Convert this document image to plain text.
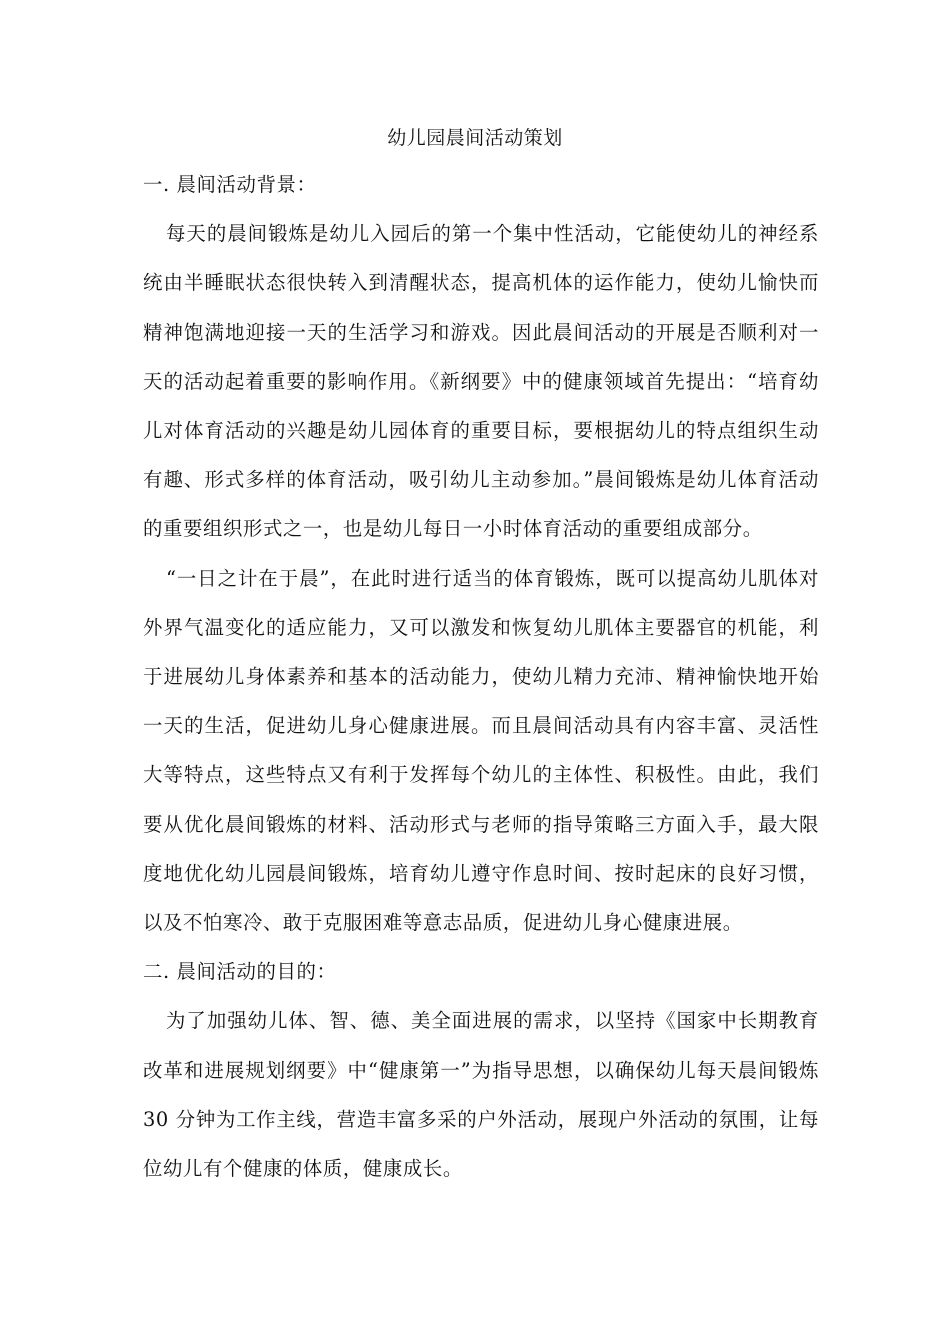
幼儿园晨间活动策划

一. 晨间活动背景：

每天的晨间锻炼是幼儿入园后的第一个集中性活动，它能使幼儿的神经系统由半睡眠状态很快转入到清醒状态，提高机体的运作能力，使幼儿愉快而精神饱满地迎接一天的生活学习和游戏。因此晨间活动的开展是否顺利对一天的活动起着重要的影响作用。《新纲要》中的健康领域首先提出：“培育幼儿对体育活动的兴趣是幼儿园体育的重要目标，要根据幼儿的特点组织生动有趣、形式多样的体育活动，吸引幼儿主动参加。”晨间锻炼是幼儿体育活动的重要组织形式之一，也是幼儿每日一小时体育活动的重要组成部分。

“一日之计在于晨”，在此时进行适当的体育锻炼，既可以提高幼儿肌体对外界气温变化的适应能力，又可以激发和恢复幼儿肌体主要器官的机能，利于进展幼儿身体素养和基本的活动能力，使幼儿精力充沛、精神愉快地开始一天的生活，促进幼儿身心健康进展。而且晨间活动具有内容丰富、灵活性大等特点，这些特点又有利于发挥每个幼儿的主体性、积极性。由此，我们要从优化晨间锻炼的材料、活动形式与老师的指导策略三方面入手，最大限度地优化幼儿园晨间锻炼，培育幼儿遵守作息时间、按时起床的良好习惯，以及不怕寒冷、敢于克服困难等意志品质，促进幼儿身心健康进展。

二. 晨间活动的目的：

为了加强幼儿体、智、德、美全面进展的需求，以坚持《国家中长期教育改革和进展规划纲要》中“健康第一”为指导思想，以确保幼儿每天晨间锻炼 30 分钟为工作主线，营造丰富多采的户外活动，展现户外活动的氛围，让每位幼儿有个健康的体质，健康成长。
